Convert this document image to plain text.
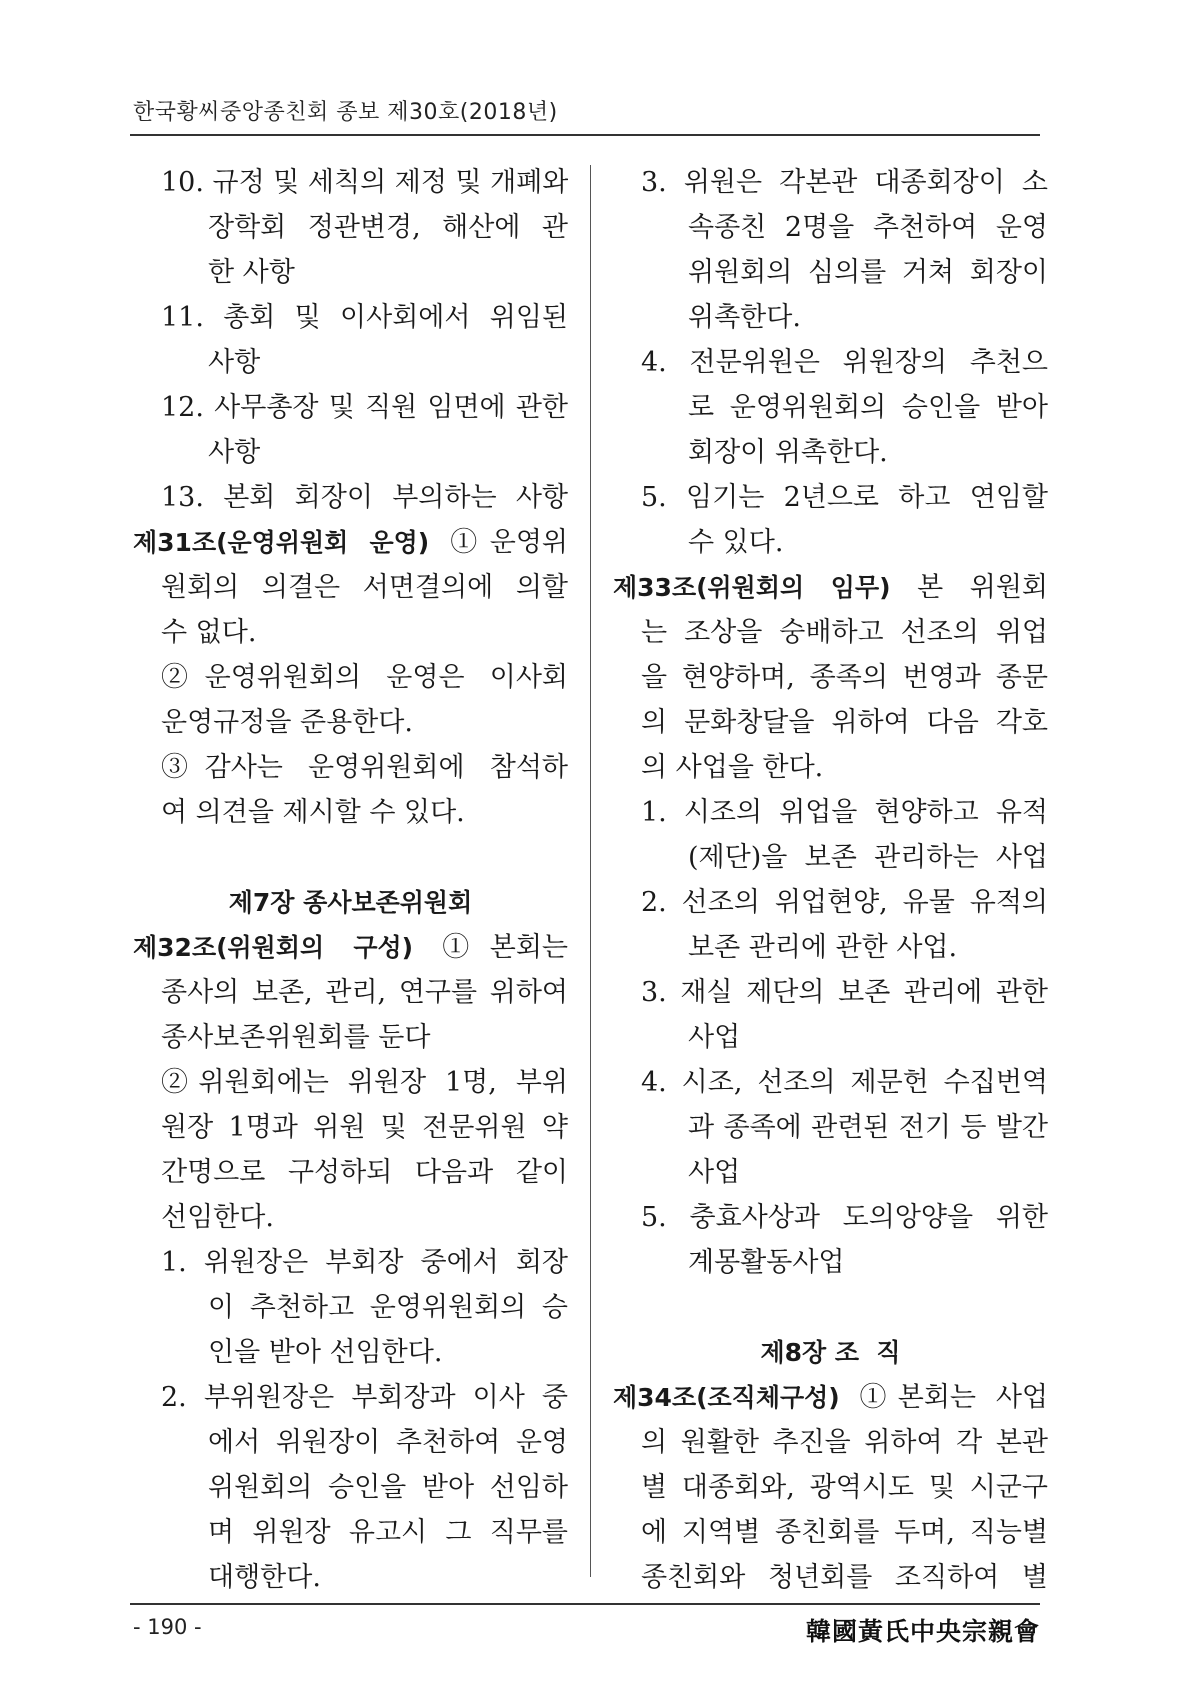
한국황씨중앙종친회 종보 제30호(2018년)
10. 규정 및 세칙의 제정 및 개폐와
장학회 정관변경, 해산에 관
한 사항
11. 총회 및 이사회에서 위임된
사항
12. 사무총장 및 직원 임면에 관한
사항
13. 본회 회장이 부의하는 사항
제31조(운영위원회 운영) ①운영위
원회의 의결은 서면결의에 의할
수 없다.
②운영위원회의 운영은 이사회
운영규정을 준용한다.
③감사는 운영위원회에 참석하
여 의견을 제시할 수 있다.
제7장 종사보존위원회
제32조(위원회의 구성) ①본회는
종사의 보존, 관리, 연구를 위하여
종사보존위원회를 둔다
②위원회에는 위원장 1명, 부위
원장 1명과 위원 및 전문위원 약
간명으로 구성하되 다음과 같이
선임한다.
1. 위원장은 부회장 중에서 회장
이 추천하고 운영위원회의 승
인을 받아 선임한다.
2. 부위원장은 부회장과 이사 중
에서 위원장이 추천하여 운영
위원회의 승인을 받아 선임하
며 위원장 유고시 그 직무를
대행한다.
3. 위원은 각본관 대종회장이 소
속종친 2명을 추천하여 운영
위원회의 심의를 거쳐 회장이
위촉한다.
4. 전문위원은 위원장의 추천으
로 운영위원회의 승인을 받아
회장이 위촉한다.
5. 임기는 2년으로 하고 연임할
수 있다.
제33조(위원회의 임무) 본 위원회
는 조상을 숭배하고 선조의 위업
을 현양하며, 종족의 번영과 종문
의 문화창달을 위하여 다음 각호
의 사업을 한다.
1. 시조의 위업을 현양하고 유적
(제단)을 보존 관리하는 사업
2. 선조의 위업현양, 유물 유적의
보존 관리에 관한 사업.
3. 재실 제단의 보존 관리에 관한
사업
4. 시조, 선조의 제문헌 수집번역
과 종족에 관련된 전기 등 발간
사업
5. 충효사상과 도의앙양을 위한
계몽활동사업
제8장 조  직
제34조(조직체구성) ①본회는 사업
의 원활한 추진을 위하여 각 본관
별 대종회와, 광역시도 및 시군구
에 지역별 종친회를 두며, 직능별
종친회와 청년회를 조직하여 별
- 190 -	韓國黃氏中央宗親會
